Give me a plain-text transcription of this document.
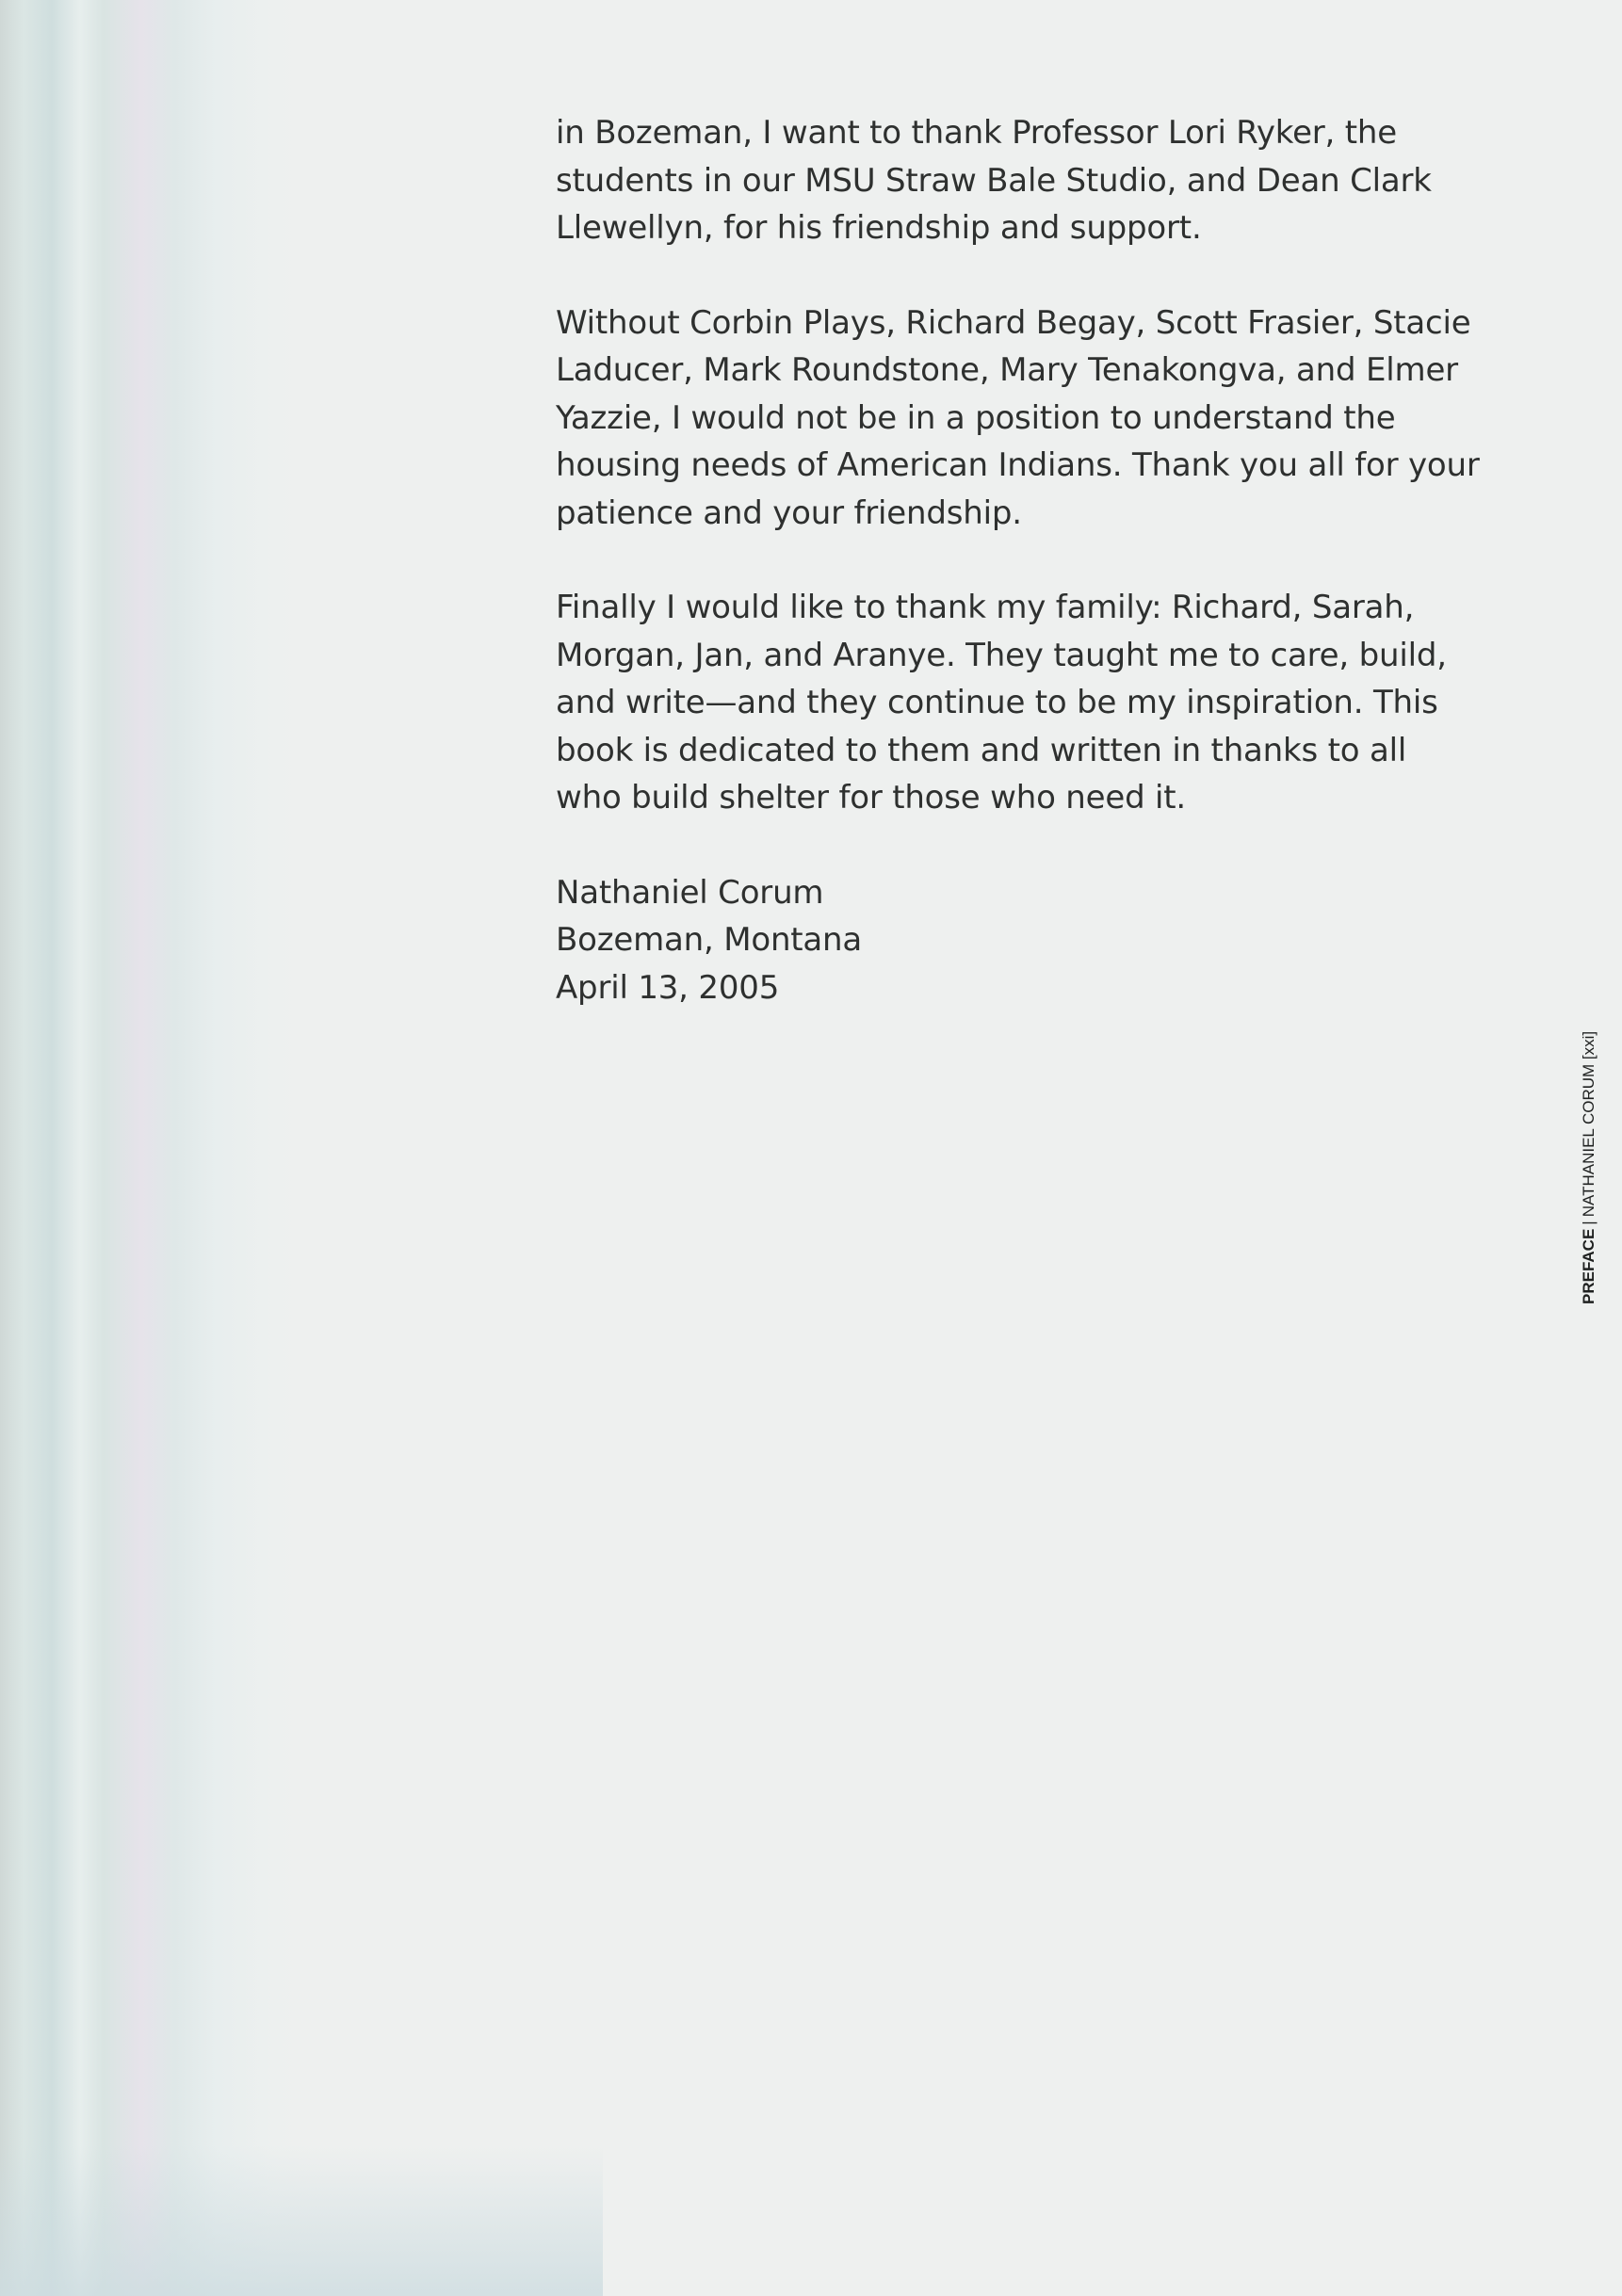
in Bozeman, I want to thank Professor Lori Ryker, the
students in our MSU Straw Bale Studio, and Dean Clark
Llewellyn, for his friendship and support.

Without Corbin Plays, Richard Begay, Scott Frasier, Stacie
Laducer, Mark Roundstone, Mary Tenakongva, and Elmer
Yazzie, I would not be in a position to understand the
housing needs of American Indians. Thank you all for your
patience and your friendship.

Finally I would like to thank my family: Richard, Sarah,
Morgan, Jan, and Aranye. They taught me to care, build,
and write—and they continue to be my inspiration. This
book is dedicated to them and written in thanks to all
who build shelter for those who need it.

Nathaniel Corum
Bozeman, Montana
April 13, 2005

PREFACE|NATHANIEL CORUM [xxi]
